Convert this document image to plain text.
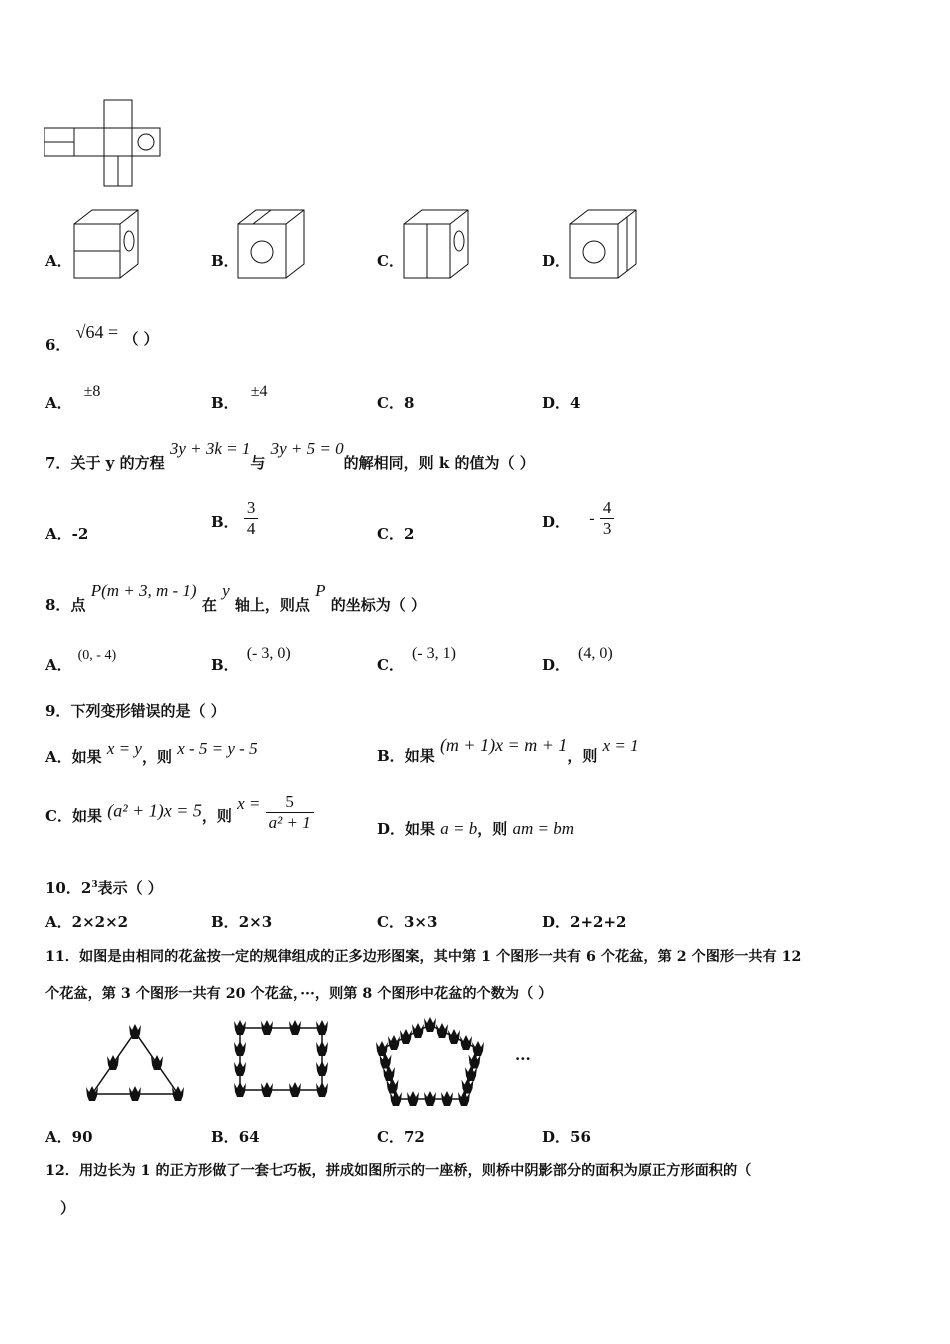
A．	B．	C．	D．
6． √64 = （ ）
A．±8
B．±4
C．8	D．4
7．关于 y 的方程 3y + 3k = 1与 3y + 5 = 0的解相同，则 k 的值为（ ）
A．-2
B． $\frac{3}{4}$	C．2
D． - $\frac{4}{3}$
8．点 P(m + 3, m - 1) 在 y 轴上，则点 P 的坐标为（ ）
A．(0, - 4)
B．(- 3, 0)
C．(- 3, 1)
D．(4, 0)
9．下列变形错误的是（ ）
A．如果 x = y，则 x - 5 = y - 5	B．如果 (m + 1)x = m + 1，则 x = 1
C．如果 (a² + 1)x = 5，则 $x = \frac{5}{\text{a² + 1}}$	D．如果 a = b，则 am = bm
10．$2^3$表示（ ）
A．2×2×2	B．2×3	C．3×3	D．2+2+2
11．如图是由相同的花盆按一定的规律组成的正多边形图案，其中第 1 个图形一共有 6 个花盆，第 2 个图形一共有 12
个花盆，第 3 个图形一共有 20 个花盆，···，则第 8 个图形中花盆的个数为（ ）
...
A．90	B．64	C．72	D．56
12．用边长为 1 的正方形做了一套七巧板，拼成如图所示的一座桥，则桥中阴影部分的面积为原正方形面积的（
）
